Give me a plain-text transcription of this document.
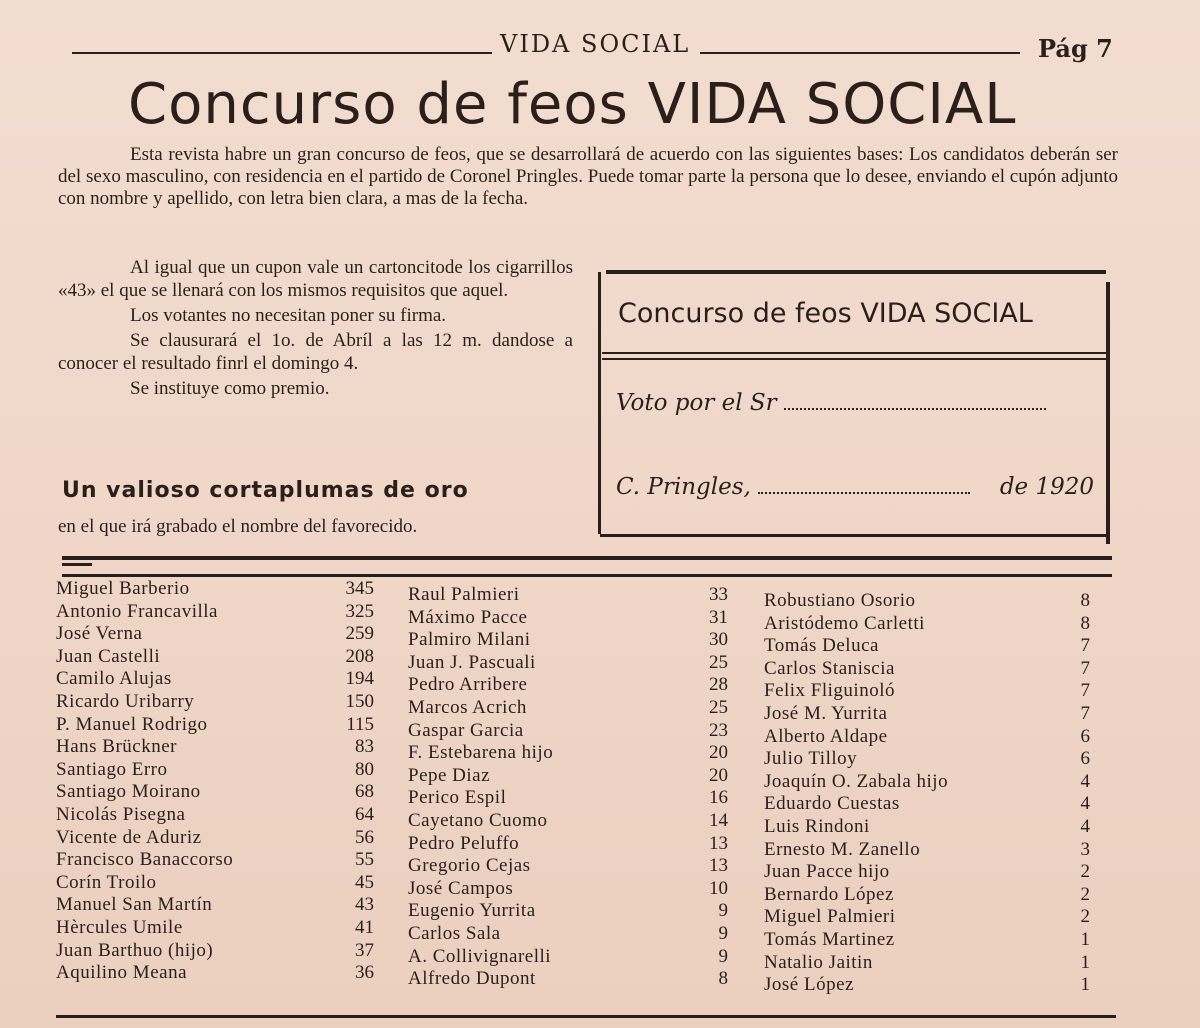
VIDA SOCIAL	Pág 7
Concurso de feos VIDA SOCIAL
Esta revista habre un gran concurso de feos, que se desarrollará de acuerdo con las siguientes bases: Los candidatos deberán ser del sexo masculino, con residencia en el partido de Coronel Pringles. Puede tomar parte la persona que lo desee, enviando el cupón adjunto con nombre y apellido, con letra bien clara, a mas de la fecha.

Al igual que un cupon vale un cartoncitode los cigarrillos «43» el que se llenará con los mismos requisitos que aquel.

Los votantes no necesitan poner su firma.

Se clausurará el 1o. de Abríl a las 12 m. dandose a conocer el resultado finrl el domingo 4.

Se instituye como premio.

Un valioso cortaplumas de oro
en el que irá grabado el nombre del favorecido.
Concurso de feos VIDA SOCIAL
Voto por el Sr
C. Pringles,	de 1920
Miguel Barberio	345
Antonio Francavilla	325
José Verna	259
Juan Castelli	208
Camilo Alujas	194
Ricardo Uribarry	150
P. Manuel Rodrigo	115
Hans Brückner	83
Santiago Erro	80
Santiago Moirano	68
Nicolás Pisegna	64
Vicente de Aduriz	56
Francisco Banaccorso	55
Corín Troilo	45
Manuel San Martín	43
Hèrcules Umile	41
Juan Barthuo (hijo)	37
Aquilino Meana	36
Raul Palmieri	33
Máximo Pacce	31
Palmiro Milani	30
Juan J. Pascuali	25
Pedro Arribere	28
Marcos Acrich	25
Gaspar Garcia	23
F. Estebarena hijo	20
Pepe Diaz	20
Perico Espil	16
Cayetano Cuomo	14
Pedro Peluffo	13
Gregorio Cejas	13
José Campos	10
Eugenio Yurrita	9
Carlos Sala	9
A. Collivignarelli	9
Alfredo Dupont	8
Robustiano Osorio	8
Aristódemo Carletti	8
Tomás Deluca	7
Carlos Staniscia	7
Felix Fliguinoló	7
José M. Yurrita	7
Alberto Aldape	6
Julio Tilloy	6
Joaquín O. Zabala hijo	4
Eduardo Cuestas	4
Luis Rindoni	4
Ernesto M. Zanello	3
Juan Pacce hijo	2
Bernardo López	2
Miguel Palmieri	2
Tomás Martinez	1
Natalio Jaitin	1
José López	1
